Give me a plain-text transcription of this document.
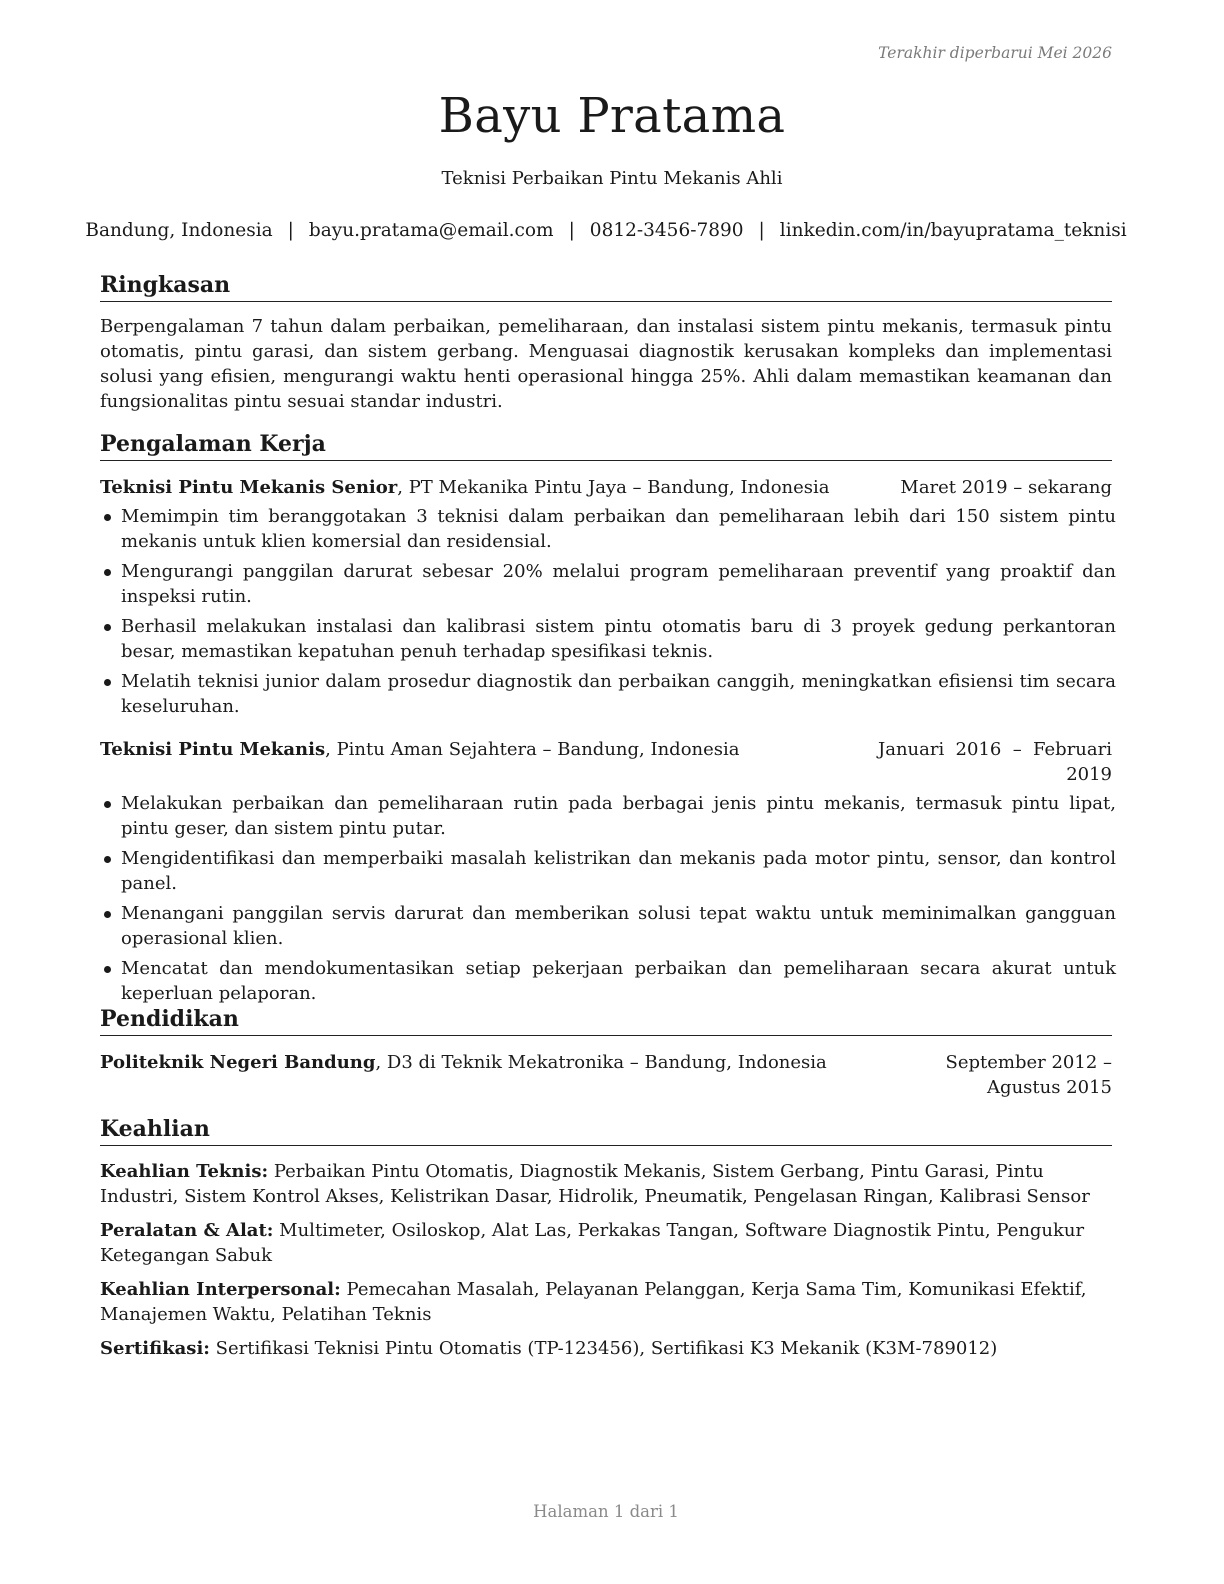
Terakhir diperbarui Mei 2026
Bayu Pratama
Teknisi Perbaikan Pintu Mekanis Ahli
Bandung, Indonesia | bayu.pratama@email.com | 0812-3456-7890 | linkedin.com/in/bayupratama_teknisi
Ringkasan
Berpengalaman 7 tahun dalam perbaikan, pemeliharaan, dan instalasi sistem pintu mekanis, termasuk pintu otomatis, pintu garasi, dan sistem gerbang. Menguasai diagnostik kerusakan kompleks dan implementasi solusi yang efisien, mengurangi waktu henti operasional hingga 25%. Ahli dalam memastikan keamanan dan fungsionalitas pintu sesuai standar industri.
Pengalaman Kerja
Teknisi Pintu Mekanis Senior, PT Mekanika Pintu Jaya – Bandung, Indonesia	Maret 2019 – sekarang
Memimpin tim beranggotakan 3 teknisi dalam perbaikan dan pemeliharaan lebih dari 150 sistem pintu mekanis untuk klien komersial dan residensial.
Mengurangi panggilan darurat sebesar 20% melalui program pemeliharaan preventif yang proaktif dan inspeksi rutin.
Berhasil melakukan instalasi dan kalibrasi sistem pintu otomatis baru di 3 proyek gedung perkantoran besar, memastikan kepatuhan penuh terhadap spesifikasi teknis.
Melatih teknisi junior dalam prosedur diagnostik dan perbaikan canggih, meningkatkan efisiensi tim secara keseluruhan.
Teknisi Pintu Mekanis, Pintu Aman Sejahtera – Bandung, Indonesia	Januari 2016 – Februari 2019
Melakukan perbaikan dan pemeliharaan rutin pada berbagai jenis pintu mekanis, termasuk pintu lipat, pintu geser, dan sistem pintu putar.
Mengidentifikasi dan memperbaiki masalah kelistrikan dan mekanis pada motor pintu, sensor, dan kontrol panel.
Menangani panggilan servis darurat dan memberikan solusi tepat waktu untuk meminimalkan gangguan operasional klien.
Mencatat dan mendokumentasikan setiap pekerjaan perbaikan dan pemeliharaan secara akurat untuk keperluan pelaporan.
Pendidikan
Politeknik Negeri Bandung, D3 di Teknik Mekatronika – Bandung, Indonesia	September 2012 – Agustus 2015
Keahlian
Keahlian Teknis: Perbaikan Pintu Otomatis, Diagnostik Mekanis, Sistem Gerbang, Pintu Garasi, Pintu Industri, Sistem Kontrol Akses, Kelistrikan Dasar, Hidrolik, Pneumatik, Pengelasan Ringan, Kalibrasi Sensor
Peralatan & Alat: Multimeter, Osiloskop, Alat Las, Perkakas Tangan, Software Diagnostik Pintu, Pengukur Ketegangan Sabuk
Keahlian Interpersonal: Pemecahan Masalah, Pelayanan Pelanggan, Kerja Sama Tim, Komunikasi Efektif, Manajemen Waktu, Pelatihan Teknis
Sertifikasi: Sertifikasi Teknisi Pintu Otomatis (TP-123456), Sertifikasi K3 Mekanik (K3M-789012)
Halaman 1 dari 1
